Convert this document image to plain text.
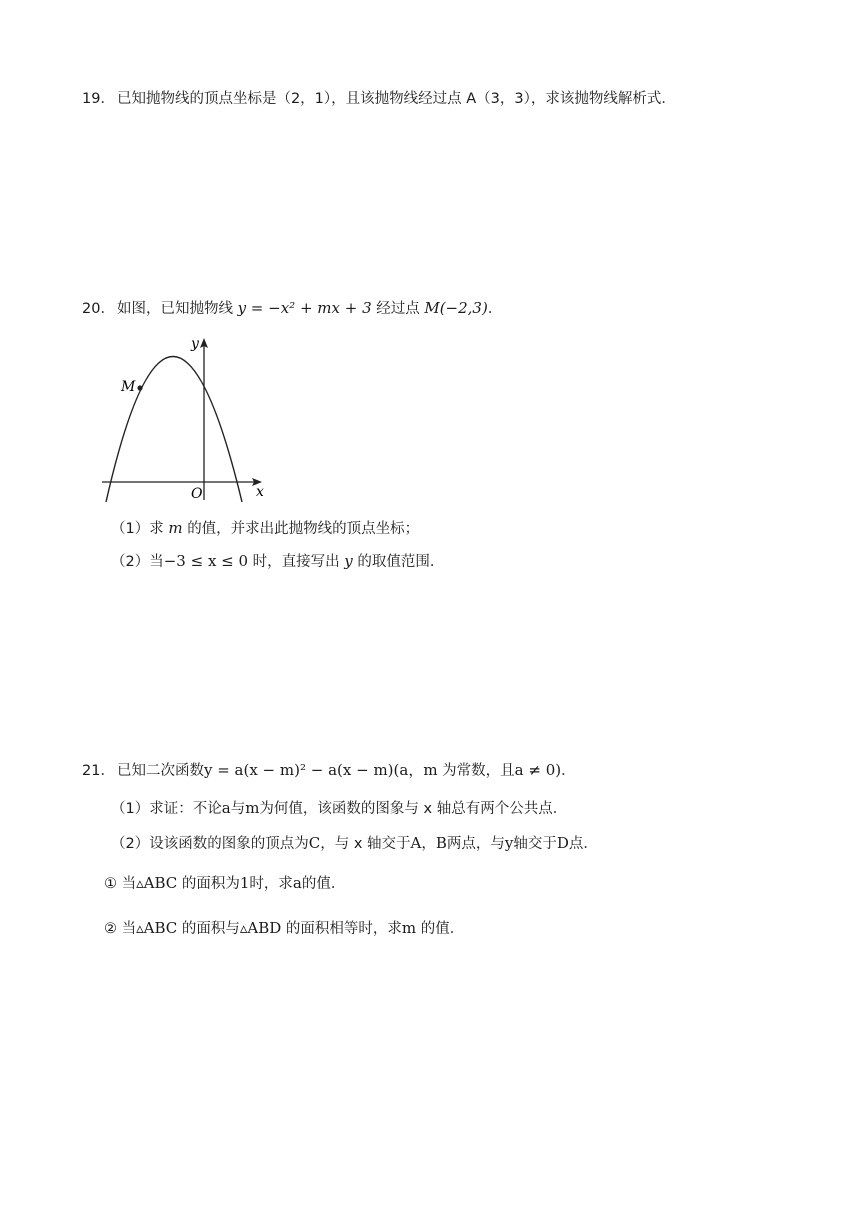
19． 已知抛物线的顶点坐标是（2，1），且该抛物线经过点 A（3，3），求该抛物线解析式．
20． 如图，已知抛物线 y = −x² + mx + 3 经过点 M(−2,3)．
M
y
x
O
（1）求 m 的值，并求出此抛物线的顶点坐标；
（2）当−3 ≤ x ≤ 0 时，直接写出 y 的取值范围．
21． 已知二次函数y = a(x − m)² − a(x − m)(a，m 为常数，且a ≠ 0)．
（1）求证：不论a与m为何值，该函数的图象与 x 轴总有两个公共点．
（2）设该函数的图象的顶点为C，与 x 轴交于A，B两点，与y轴交于D点．
① 当▵ABC 的面积为1时，求a的值．
② 当▵ABC 的面积与▵ABD 的面积相等时，求m 的值．
